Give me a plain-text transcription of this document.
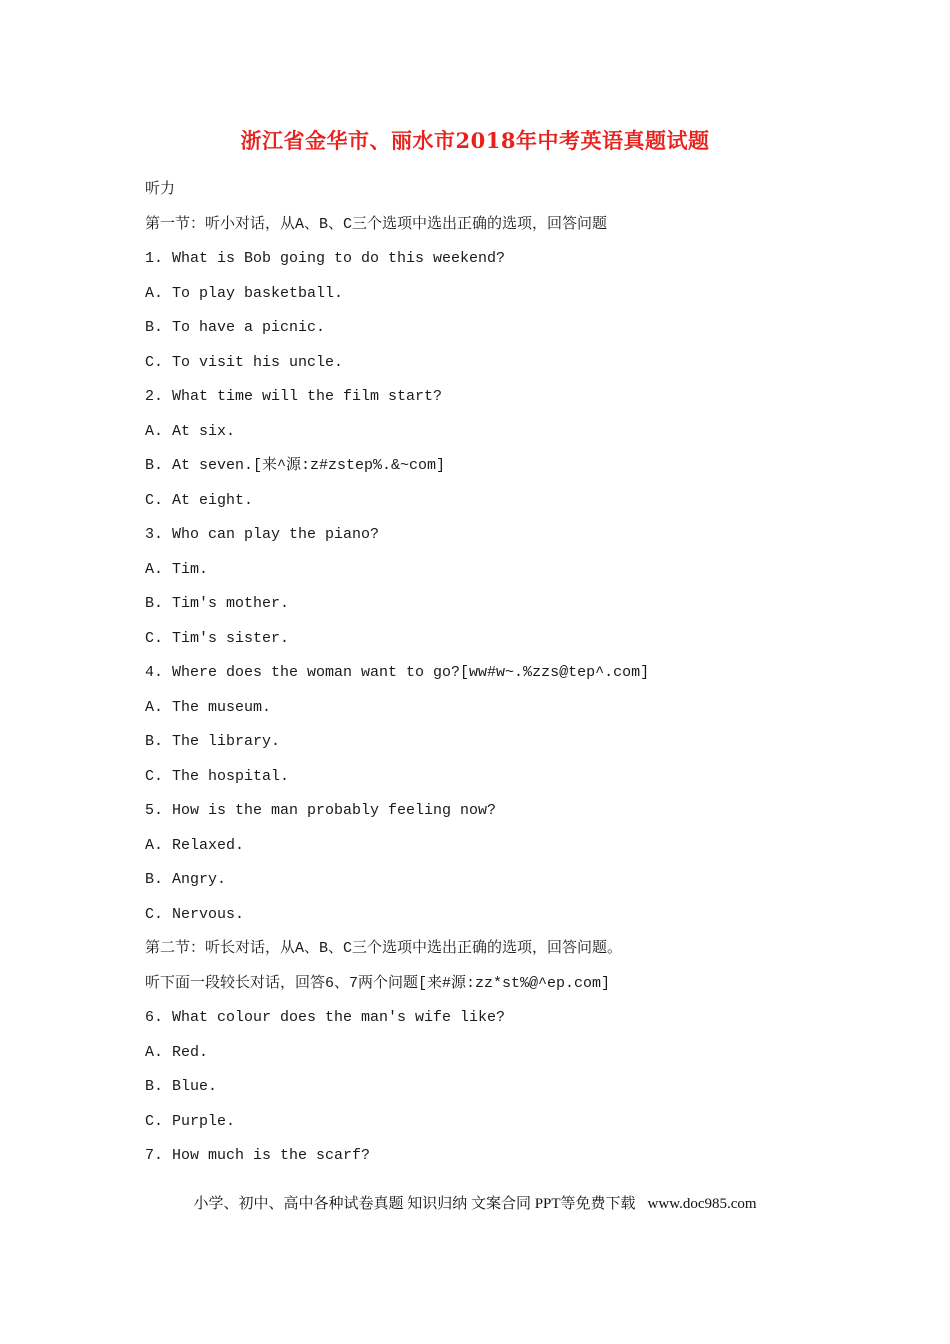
浙江省金华市、丽水市2018年中考英语真题试题
听力
第一节：听小对话，从A、B、C三个选项中选出正确的选项，回答问题
1. What is Bob going to do this weekend?
A. To play basketball.
B. To have a picnic.
C. To visit his uncle.
2. What time will the film start?
A. At six.
B. At seven.[来^源:z#zstep%.&~com]
C. At eight.
3. Who can play the piano?
A. Tim.
B. Tim's mother.
C. Tim's sister.
4. Where does the woman want to go?[ww#w~.%zzs@tep^.com]
A. The museum.
B. The library.
C. The hospital.
5. How is the man probably feeling now?
A. Relaxed.
B. Angry.
C. Nervous.
第二节：听长对话，从A、B、C三个选项中选出正确的选项，回答问题。
听下面一段较长对话，回答6、7两个问题[来#源:zz*st%@^ep.com]
6. What colour does the man's wife like?
A. Red.
B. Blue.
C. Purple.
7. How much is the scarf?
小学、初中、高中各种试卷真题 知识归纳 文案合同 PPT等免费下载 www.doc985.com
